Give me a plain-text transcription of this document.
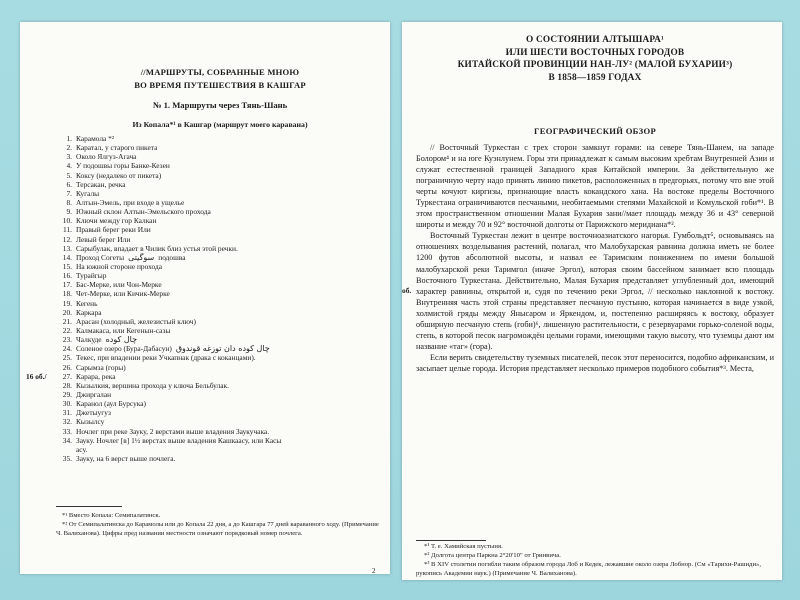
//МАРШРУТЫ, СОБРАННЫЕ МНОЮ
ВО ВРЕМЯ ПУТЕШЕСТВИЯ В КАШГАР
№ 1. Маршруты через Тянь-Шань
Из Копала*¹ в Кашгар (маршрут моего каравана)
1. Карамола *²
2. Каратал, у старого пикета
3. Около Ялгуз-Агача
4. У подошвы горы Банке-Кезен
5. Коксу (недалеко от пикета)
6. Терсакан, речка
7. Кугалы
8. Алтын-Эмель, при входе в ущелье
9. Южный склон Алтын-Эмельского прохода
10. Ключи между гор Калкан
11. Правый берег реки Или
12. Левый берег Или
13. Сарыбулак, впадает в Чилик близ устья этой речки.
14. Проход Согеты سوگیتی подошва
15. На южной стороне прохода
16. Турайгыр
17. Бас-Мерке, или Чон-Мерке
18. Чет-Мерке, или Кичик-Мерке
19. Кегень
20. Каркара
21. Арасан (холодный, железистый ключ)
22. Калмакаса, или Кегенын-сазы
23. Чалкуде چال کوده
24. Соленое озеро (Бура-Дабасун) چال کوده دان توزغه قوندوق
25. Текес, при впадении реки Учкапнак (драка с коканцами).
26. Сарымза (горы)
16 об./ 27. Карара, река
28. Кызылкия, вершина прохода у ключа Бельбулак.
29. Джиргалан
30. Каранол (аул Бурсука)
31. Джетыугуз
32. Кызылсу
33. Ночлег при реке Зауку, 2 верстами выше владения Заукучака.
34. Зауку. Ночлег [в] 1½ верстах выше владения Кашкаасу, или Касы
асу.
35. Зауку, на 6 верст выше почлега.

*¹ Вместо Копала: Семипалатинск.

*² От Семипалатинска до Карамолы или до Копала 22 дня, а до Кашгара 77 дней караванного ходу. (Примечание Ч. Валиханова). Цифры пред названии местности означают порядковый номер почлега.

2
О СОСТОЯНИИ АЛТЫШАРА¹
ИЛИ ШЕСТИ ВОСТОЧНЫХ ГОРОДОВ
КИТАЙСКОЙ ПРОВИНЦИИ НАН-ЛУ² (МАЛОЙ БУХАРИИ³)
В 1858—1859 ГОДАХ
ГЕОГРАФИЧЕСКИЙ ОБЗОР
об.

// Восточный Туркестан с трех сторон замкнут горами: на севере Тянь-Шанем, на западе Болором⁴ и на юге Куэнлунем. Горы эти принадлежат к самым высоким хребтам Внутренней Азии и служат естественной границей Западного края Китайской империи. За действительную же пограничную черту надо принять линию пикетов, расположенных в предгорьях, потому что вне этой черты кочуют киргизы, признающие власть кокандского хана. На востоке пределы Восточного Туркестана ограничиваются песчаными, необитаемыми степями Махайской и Комульской гоби*¹. В этом пространственном отношении Малая Бухария зани//мает площадь между 36 и 43° северной широты и между 70 и 92° восточной долготы от Парижского меридиана*².

Восточный Туркестан лежит в центре восточноазиатского нагорья. Гумбольдт⁵, основываясь на отношениях возделывания растений, полагал, что Малобухарская равнина должна иметь не более 1200 футов абсолютной высоты, и назвал ее Таримским понижением по имени большой малобухарской реки Таримгол (иначе Эргол), которая своим бассейном занимает всю площадь Восточного Туркестана. Действительно, Малая Бухария представляет углубленный дол, имеющий характер равнины, открытой и, судя по течению реки Эргол, // несколько наклонной к востоку. Внутренняя часть этой страны представляет песчаную пустыню, которая начинается в виде узкой, холмистой гряды между Янысаром и Яркендом, и, постепенно расширяясь к востоку, образует обширную песчаную степь (гоби)⁶, лишенную растительности, с резервуарами горько-соленой воды, степь, в которой песок нагромождён целыми горами, имеющими такую высоту, что туземцы дают им название «таг» (гора).

Если верить свидетельству туземных писателей, песок этот переносится, подобно африканским, и засыпает целые города. История представляет несколько примеров подобного события*³. Места,

*¹ Т. е. Хамийская пустыня.

*² Долгота центра Паркна 2°20'10" от Гринвича.

*³ В XIV столетии погибли таким образом города Лоб и Кедек, лежавшие около озера Лобнор. (См «Тарихи-Рашиди», рукопись Академии наук.) (Примечание Ч. Валиханова).
